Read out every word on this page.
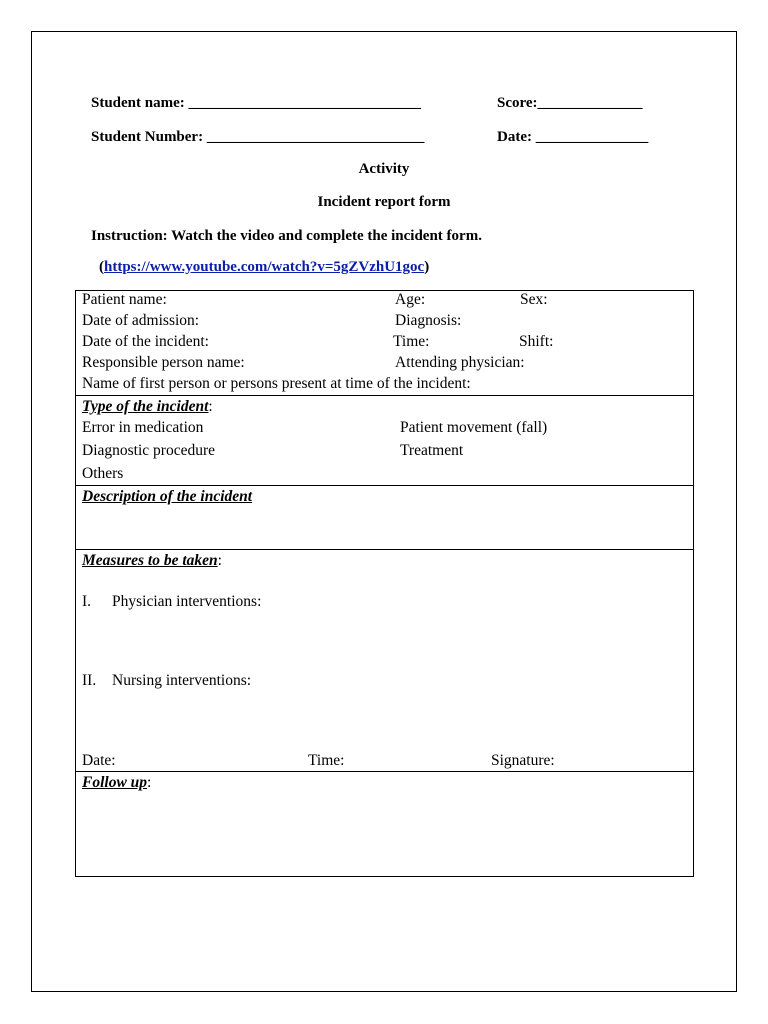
Student name: _______________________________	Score:______________
Student Number: _____________________________	Date: _______________
Activity
Incident report form
Instruction: Watch the video and complete the incident form.
(https://www.youtube.com/watch?v=5gZVzhU1goc)
Patient name:	Age:	Sex:
Date of admission:	Diagnosis:
Date of the incident:	Time:	Shift:
Responsible person name:	Attending physician:
Name of first person or persons present at time of the incident:
Type of the incident:
Error in medication	Patient movement (fall)
Diagnostic procedure	Treatment
Others
Description of the incident
Measures to be taken:
I. Physician interventions:
II. Nursing interventions:
Date:	Time:	Signature:
Follow up:
